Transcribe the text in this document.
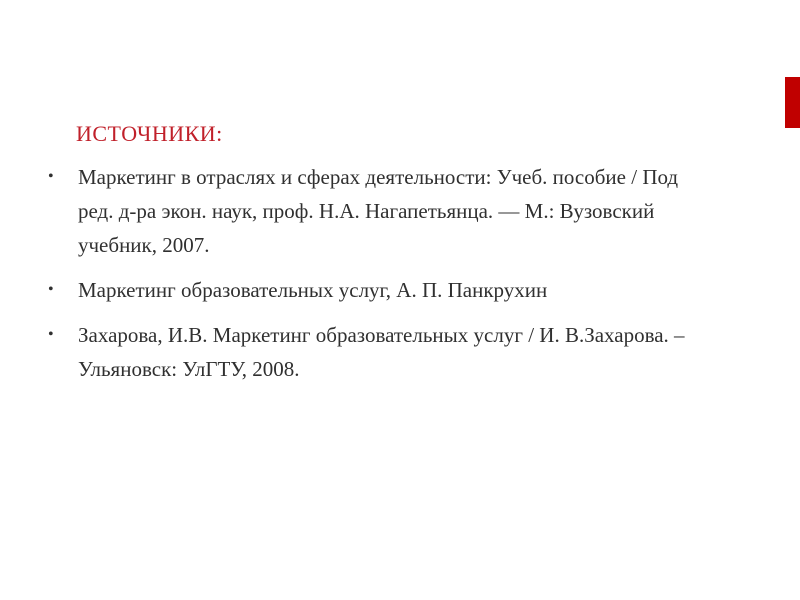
ИСТОЧНИКИ:
•	Маркетинг в отраслях и сферах деятельности: Учеб. пособие / Под ред. д-ра экон. наук, проф. Н.А. Нагапетьянца. — М.: Вузовский учебник, 2007.
•	Маркетинг образовательных услуг, А. П. Панкрухин
•	Захарова, И.В. Маркетинг образовательных услуг / И. В.Захарова. – Ульяновск: УлГТУ, 2008.
